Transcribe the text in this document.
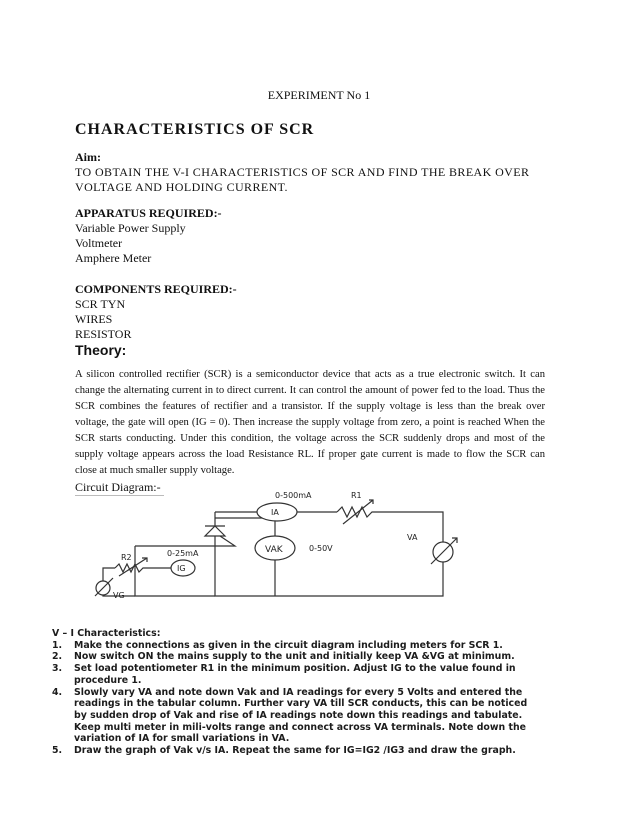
EXPERIMENT No 1
CHARACTERISTICS OF SCR
Aim:
TO OBTAIN THE V-I CHARACTERISTICS OF SCR AND FIND THE BREAK OVER VOLTAGE AND HOLDING CURRENT.
APPARATUS REQUIRED:-
Variable Power Supply
Voltmeter
Amphere Meter
COMPONENTS REQUIRED:-
SCR TYN
WIRES
RESISTOR
Theory:
A silicon controlled rectifier (SCR) is a semiconductor device that acts as a true electronic switch. It can change the alternating current in to direct current. It can control the amount of power fed to the load. Thus the SCR combines the features of rectifier and a transistor. If the supply voltage is less than the break over voltage, the gate will open (IG = 0). Then increase the supply voltage from zero, a point is reached When the SCR starts conducting. Under this condition, the voltage across the SCR suddenly drops and most of the supply voltage appears across the load Resistance RL. If proper gate current is made to flow the SCR can close at much smaller supply voltage.
Circuit Diagram:-
0-500mA
IA
R1
VA
VAK	0-50V
R2	0-25mA
IG
VG
V – I Characteristics:
1.	Make the connections as given in the circuit diagram including meters for SCR 1.
2.	Now switch ON the mains supply to the unit and initially keep VA &VG at minimum.
3.	Set load potentiometer R1 in the minimum position. Adjust IG to the value found in procedure 1.
4.	Slowly vary VA and note down Vak and IA readings for every 5 Volts and entered the readings in the tabular column. Further vary VA till SCR conducts, this can be noticed by sudden drop of Vak and rise of IA readings note down this readings and tabulate. Keep multi meter in mili-volts range and connect across VA terminals. Note down the variation of IA for small variations in VA.
5.	Draw the graph of Vak v/s IA. Repeat the same for IG=IG2 /IG3 and draw the graph.
